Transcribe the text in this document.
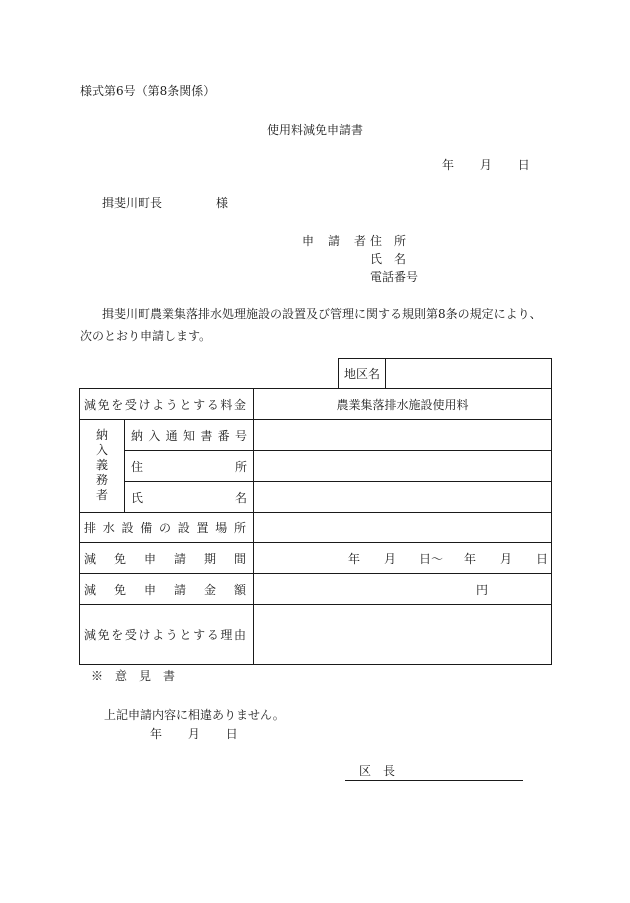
様式第6号（第8条関係）
使用料減免申請書
年 月 日
揖斐川町長	様
申請者
住　所
氏　名
電話番号
揖斐川町農業集落排水処理施設の設置及び管理に関する規則第8条の規定により、次のとおり申請します。
地区名
減免を受けようとする料金	農業集落排水施設使用料
納
入
義
務
者
納入通知書番号
住所
氏名
排水設備の設置場所
減免申請期間	年 月 日～ 年 月 日
減免申請金額	円
減免を受けようとする理由
※　意　見　書
上記申請内容に相違ありません。
年 月 日
区長
